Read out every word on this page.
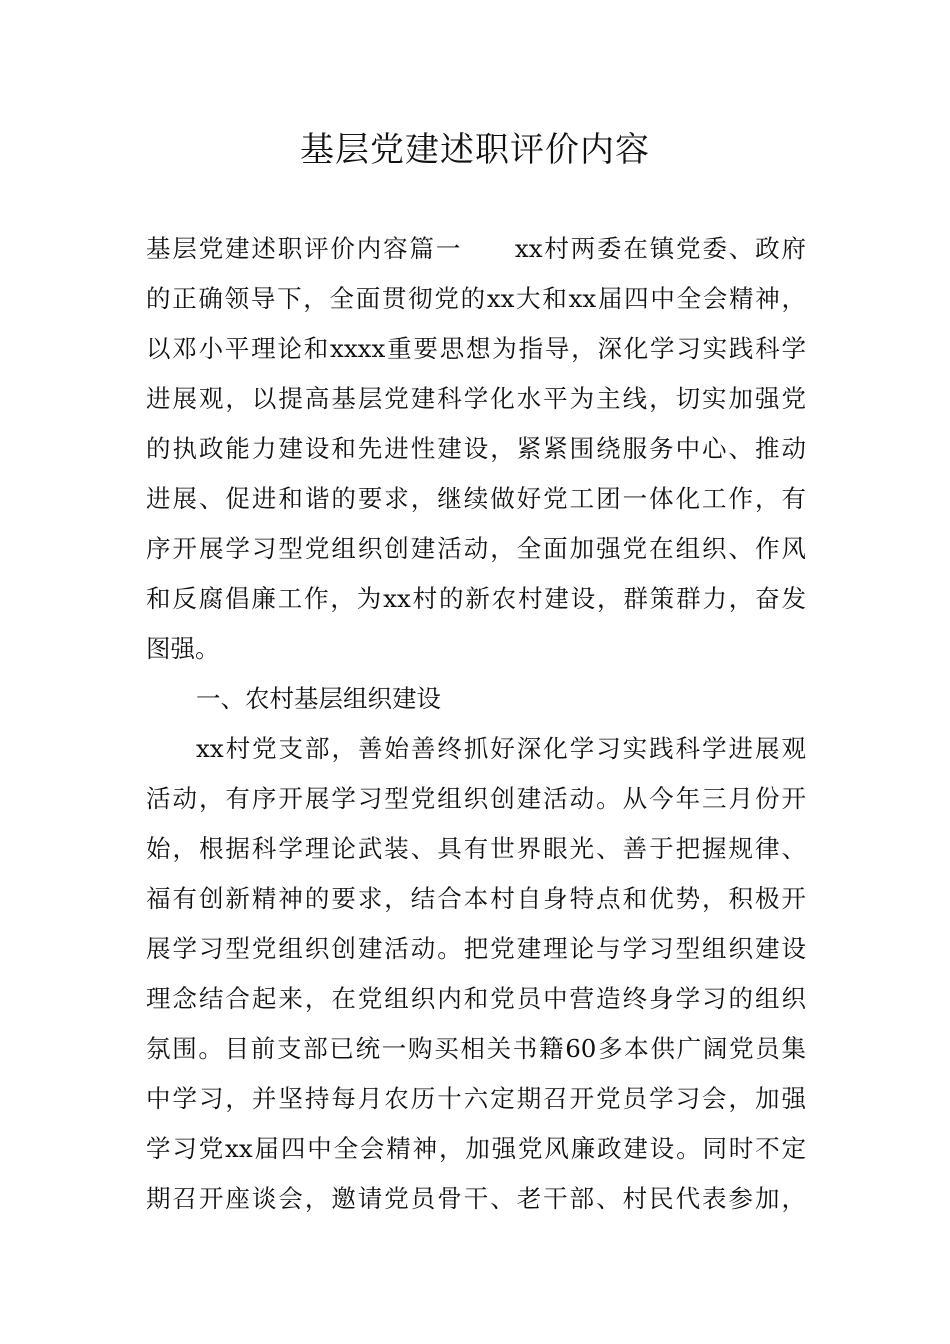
基层党建述职评价内容

基层党建述职评价内容篇一　　xx村两委在镇党委、政府

的正确领导下，全面贯彻党的xx大和xx届四中全会精神，

以邓小平理论和xxxx重要思想为指导，深化学习实践科学

进展观，以提高基层党建科学化水平为主线，切实加强党

的执政能力建设和先进性建设，紧紧围绕服务中心、推动

进展、促进和谐的要求，继续做好党工团一体化工作，有

序开展学习型党组织创建活动，全面加强党在组织、作风

和反腐倡廉工作，为xx村的新农村建设，群策群力，奋发

图强。

一、农村基层组织建设

xx村党支部，善始善终抓好深化学习实践科学进展观

活动，有序开展学习型党组织创建活动。从今年三月份开

始，根据科学理论武装、具有世界眼光、善于把握规律、

福有创新精神的要求，结合本村自身特点和优势，积极开

展学习型党组织创建活动。把党建理论与学习型组织建设

理念结合起来，在党组织内和党员中营造终身学习的组织

氛围。目前支部已统一购买相关书籍60多本供广阔党员集

中学习，并坚持每月农历十六定期召开党员学习会，加强

学习党xx届四中全会精神，加强党风廉政建设。同时不定

期召开座谈会，邀请党员骨干、老干部、村民代表参加，
